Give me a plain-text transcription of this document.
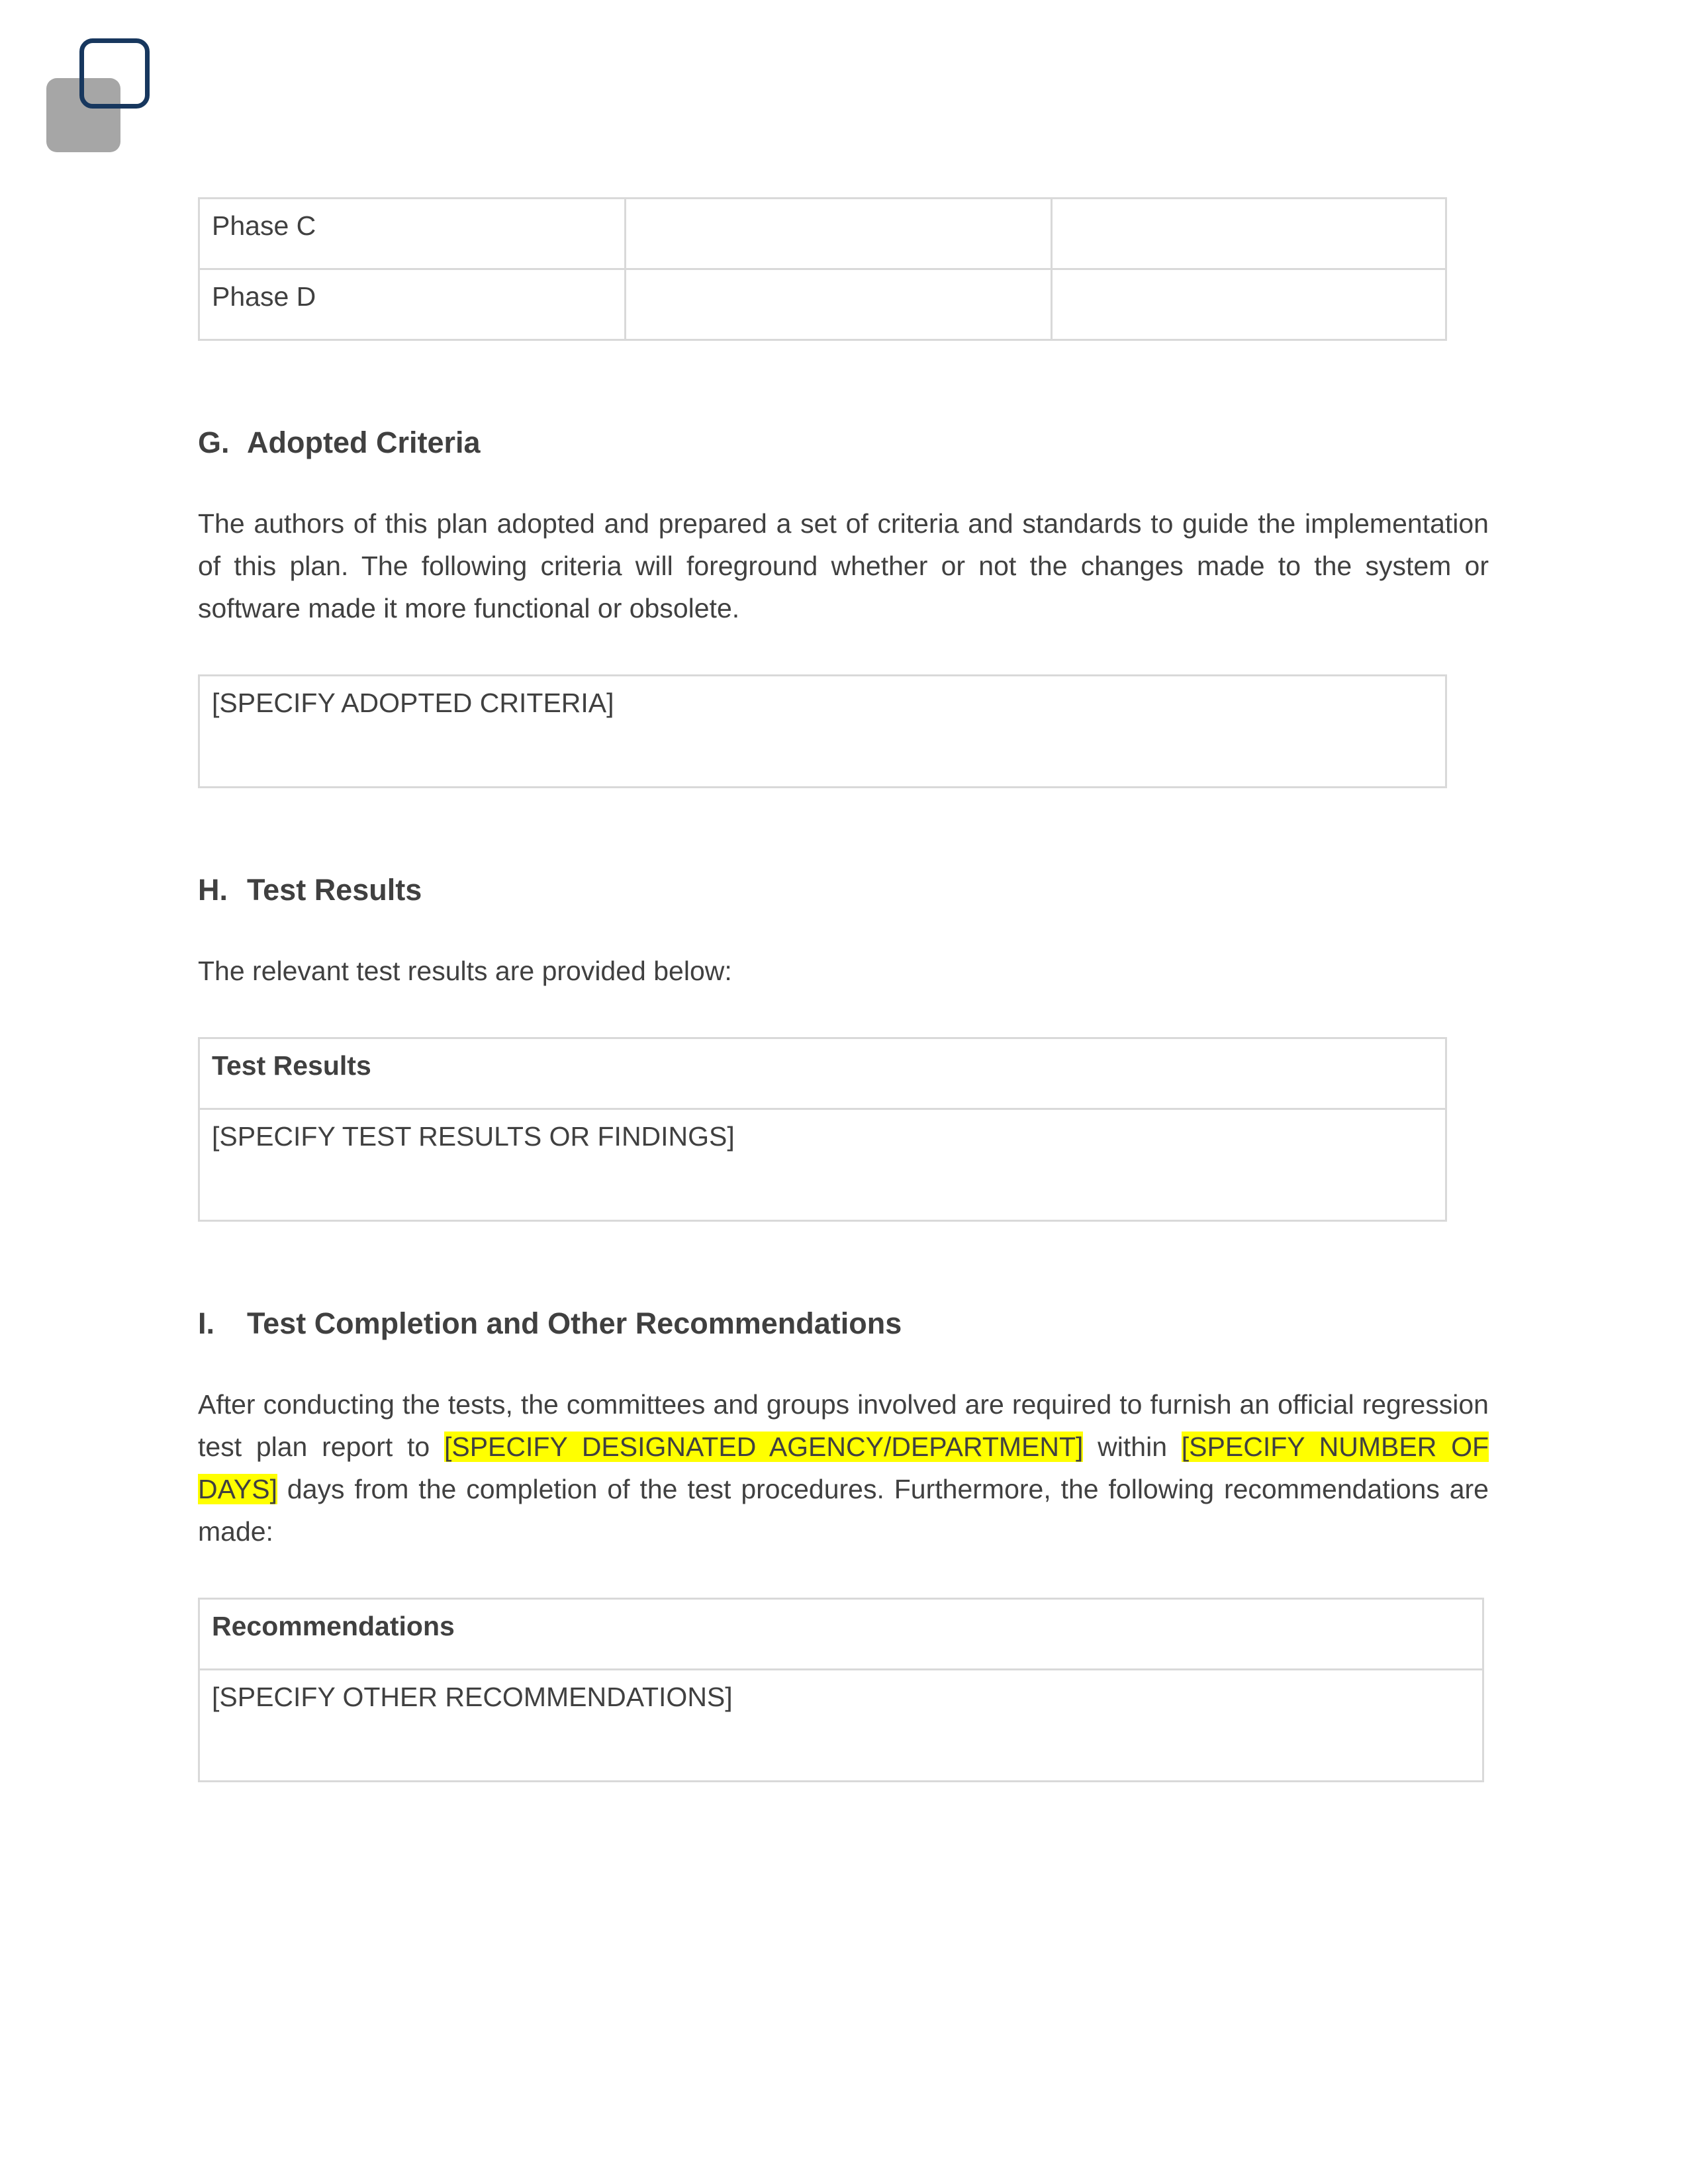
Phase C		
Phase D		
G. Adopted Criteria

The authors of this plan adopted and prepared a set of criteria and standards to guide the implementation of this plan. The following criteria will foreground whether or not the changes made to the system or software made it more functional or obsolete.

[SPECIFY ADOPTED CRITERIA]
H. Test Results

The relevant test results are provided below:

Test Results
[SPECIFY TEST RESULTS OR FINDINGS]
I. Test Completion and Other Recommendations

After conducting the tests, the committees and groups involved are required to furnish an official regression test plan report to [SPECIFY DESIGNATED AGENCY/DEPARTMENT] within [SPECIFY NUMBER OF DAYS] days from the completion of the test procedures. Furthermore, the following recommendations are made:

Recommendations
[SPECIFY OTHER RECOMMENDATIONS]
